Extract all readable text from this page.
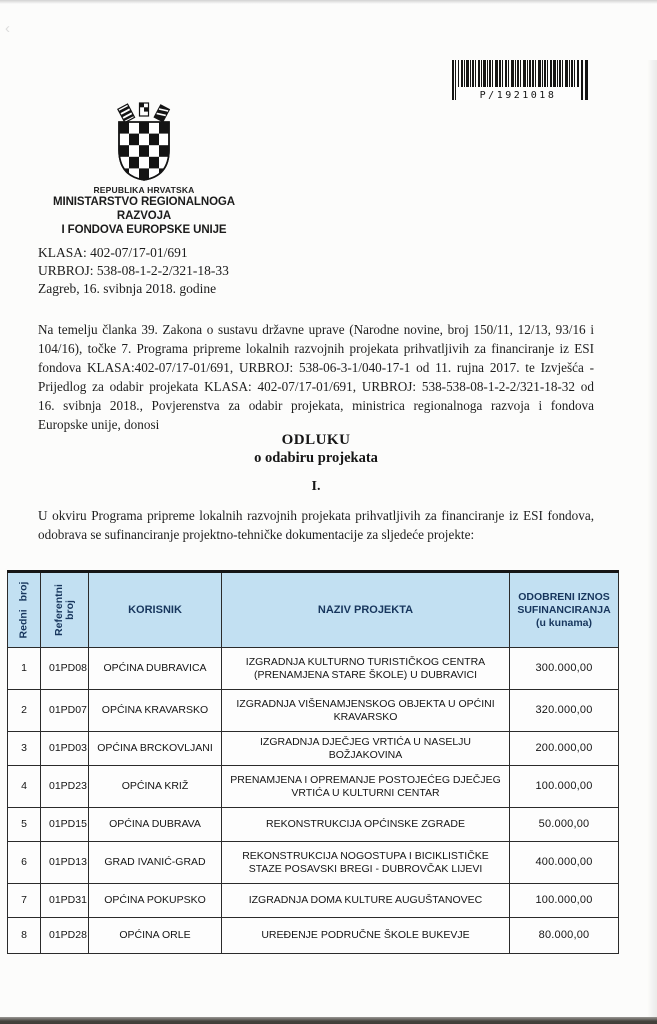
‹
P/1921018
REPUBLIKA HRVATSKA
MINISTARSTVO REGIONALNOGA RAZVOJA
I FONDOVA EUROPSKE UNIJE
KLASA: 402-07/17-01/691
URBROJ: 538-08-1-2-2/321-18-33
Zagreb, 16. svibnja 2018. godine
Na temelju članka 39. Zakona o sustavu državne uprave (Narodne novine, broj 150/11, 12/13, 93/16 i
104/16), točke 7. Programa pripreme lokalnih razvojnih projekata prihvatljivih za financiranje iz ESI
fondova KLASA:402-07/17-01/691, URBROJ: 538-06-3-1/040-17-1 od 11. rujna 2017. te Izvješća -
Prijedlog za odabir projekata KLASA: 402-07/17-01/691, URBROJ: 538-538-08-1-2-2/321-18-32 od
16. svibnja 2018., Povjerenstva za odabir projekata, ministrica regionalnoga razvoja i fondova
Europske unije, donosi
ODLUKU
o odabiru projekata
I.
U okviru Programa pripreme lokalnih razvojnih projekata prihvatljivih za financiranje iz ESI fondova,
odobrava se sufinanciranje projektno-tehničke dokumentacije za sljedeće projekte:
Redni broj	Referentni broj	KORISNIK	NAZIV PROJEKTA	ODOBRENI IZNOS SUFINANCIRANJA (u kunama)
1	01PD08	OPĆINA DUBRAVICA	IZGRADNJA KULTURNO TURISTIČKOG CENTRA (PRENAMJENA STARE ŠKOLE) U DUBRAVICI	300.000,00
2	01PD07	OPĆINA KRAVARSKO	IZGRADNJA VIŠENAMJENSKOG OBJEKTA U OPĆINI KRAVARSKO	320.000,00
3	01PD03	OPĆINA BRCKOVLJANI	IZGRADNJA DJEČJEG VRTIĆA U NASELJU BOŽJAKOVINA	200.000,00
4	01PD23	OPĆINA KRIŽ	PRENAMJENA I OPREMANJE POSTOJEĆEG DJEČJEG VRTIĆA U KULTURNI CENTAR	100.000,00
5	01PD15	OPĆINA DUBRAVA	REKONSTRUKCIJA OPĆINSKE ZGRADE	50.000,00
6	01PD13	GRAD IVANIĆ-GRAD	REKONSTRUKCIJA NOGOSTUPA I BICIKLISTIČKE STAZE POSAVSKI BREGI - DUBROVČAK LIJEVI	400.000,00
7	01PD31	OPĆINA POKUPSKO	IZGRADNJA DOMA KULTURE AUGUŠTANOVEC	100.000,00
8	01PD28	OPĆINA ORLE	UREĐENJE PODRUČNE ŠKOLE BUKEVJE	80.000,00
